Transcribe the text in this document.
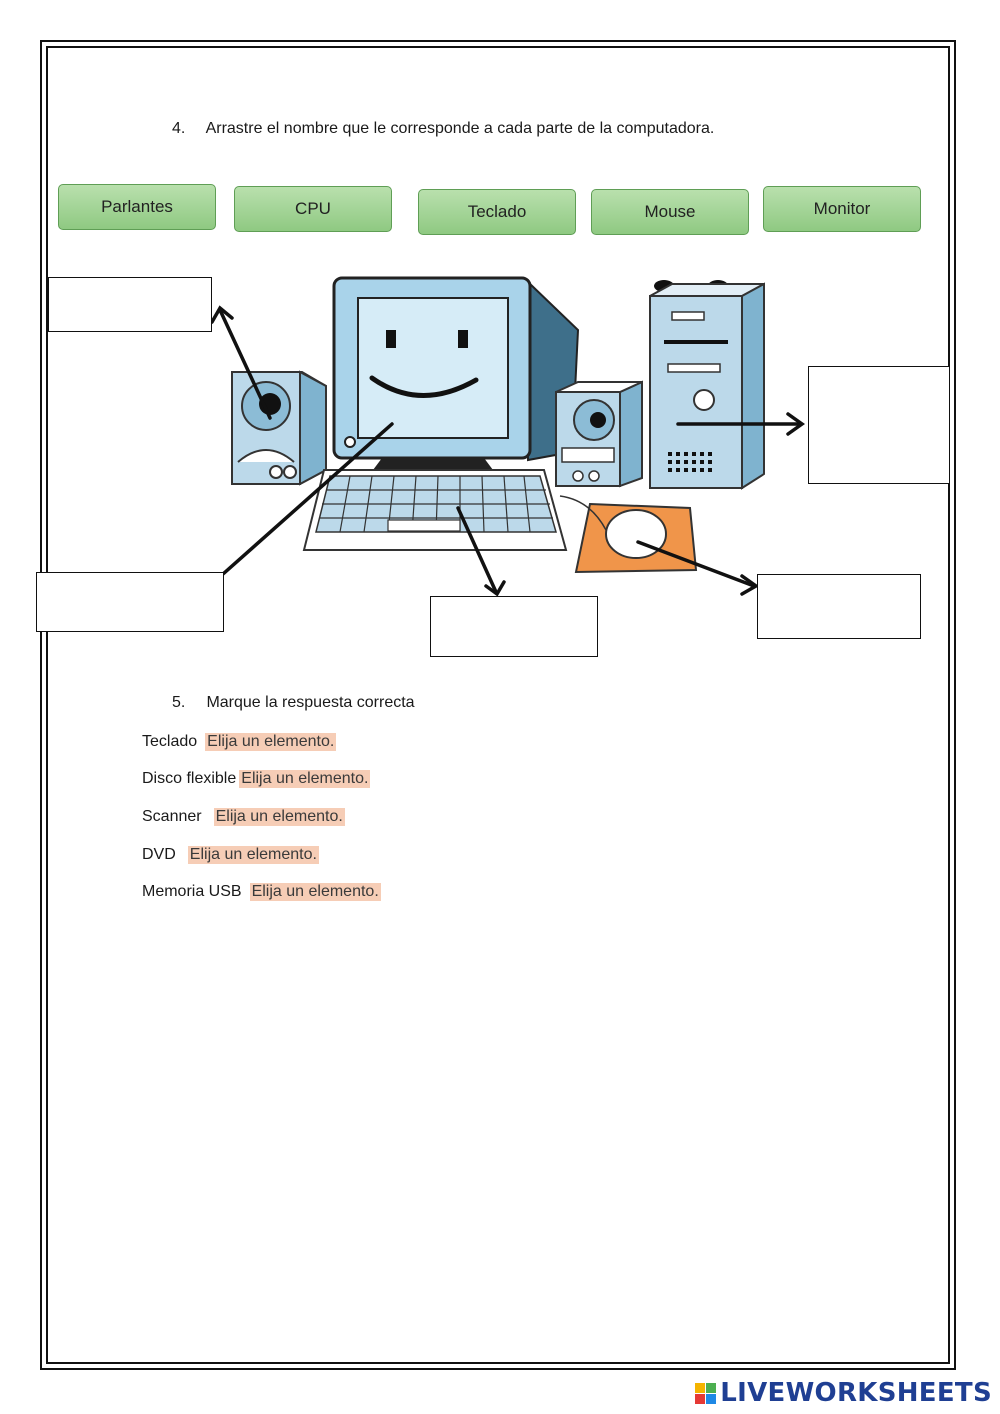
4. Arrastre el nombre que le corresponde a cada parte de la computadora.
Parlantes	CPU	Teclado	Mouse	Monitor
5. Marque la respuesta correcta
Teclado Elija un elemento.
Disco flexible Elija un elemento.
Scanner Elija un elemento.
DVD Elija un elemento.
Memoria USB Elija un elemento.
LIVEWORKSHEETS
